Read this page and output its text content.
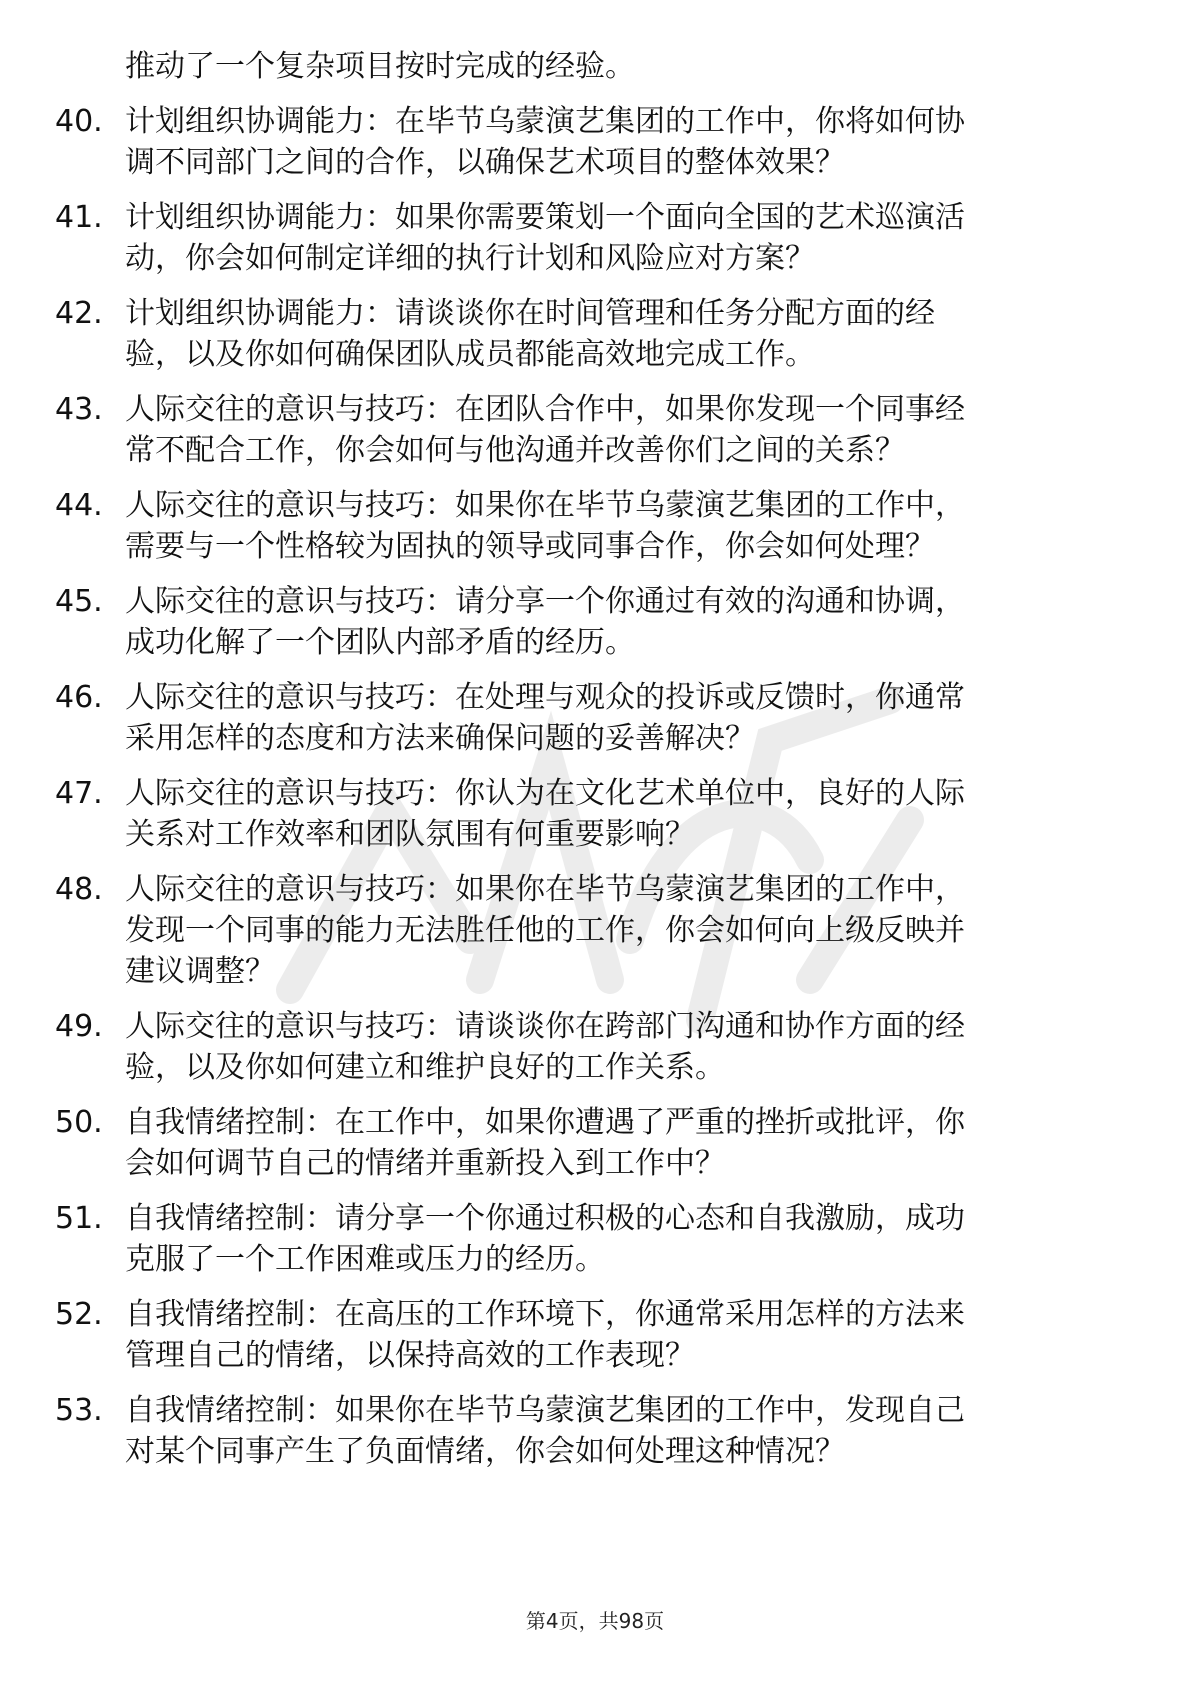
推动了一个复杂项目按时完成的经验。
40. 计划组织协调能力：在毕节乌蒙演艺集团的工作中，你将如何协
调不同部门之间的合作，以确保艺术项目的整体效果？
41. 计划组织协调能力：如果你需要策划一个面向全国的艺术巡演活
动，你会如何制定详细的执行计划和风险应对方案？
42. 计划组织协调能力：请谈谈你在时间管理和任务分配方面的经
验，以及你如何确保团队成员都能高效地完成工作。
43. 人际交往的意识与技巧：在团队合作中，如果你发现一个同事经
常不配合工作，你会如何与他沟通并改善你们之间的关系？
44. 人际交往的意识与技巧：如果你在毕节乌蒙演艺集团的工作中，
需要与一个性格较为固执的领导或同事合作，你会如何处理？
45. 人际交往的意识与技巧：请分享一个你通过有效的沟通和协调，
成功化解了一个团队内部矛盾的经历。
46. 人际交往的意识与技巧：在处理与观众的投诉或反馈时，你通常
采用怎样的态度和方法来确保问题的妥善解决？
47. 人际交往的意识与技巧：你认为在文化艺术单位中，良好的人际
关系对工作效率和团队氛围有何重要影响？
48. 人际交往的意识与技巧：如果你在毕节乌蒙演艺集团的工作中，
发现一个同事的能力无法胜任他的工作，你会如何向上级反映并
建议调整？
49. 人际交往的意识与技巧：请谈谈你在跨部门沟通和协作方面的经
验，以及你如何建立和维护良好的工作关系。
50. 自我情绪控制：在工作中，如果你遭遇了严重的挫折或批评，你
会如何调节自己的情绪并重新投入到工作中？
51. 自我情绪控制：请分享一个你通过积极的心态和自我激励，成功
克服了一个工作困难或压力的经历。
52. 自我情绪控制：在高压的工作环境下，你通常采用怎样的方法来
管理自己的情绪，以保持高效的工作表现？
53. 自我情绪控制：如果你在毕节乌蒙演艺集团的工作中，发现自己
对某个同事产生了负面情绪，你会如何处理这种情况？
第4页，共98页
